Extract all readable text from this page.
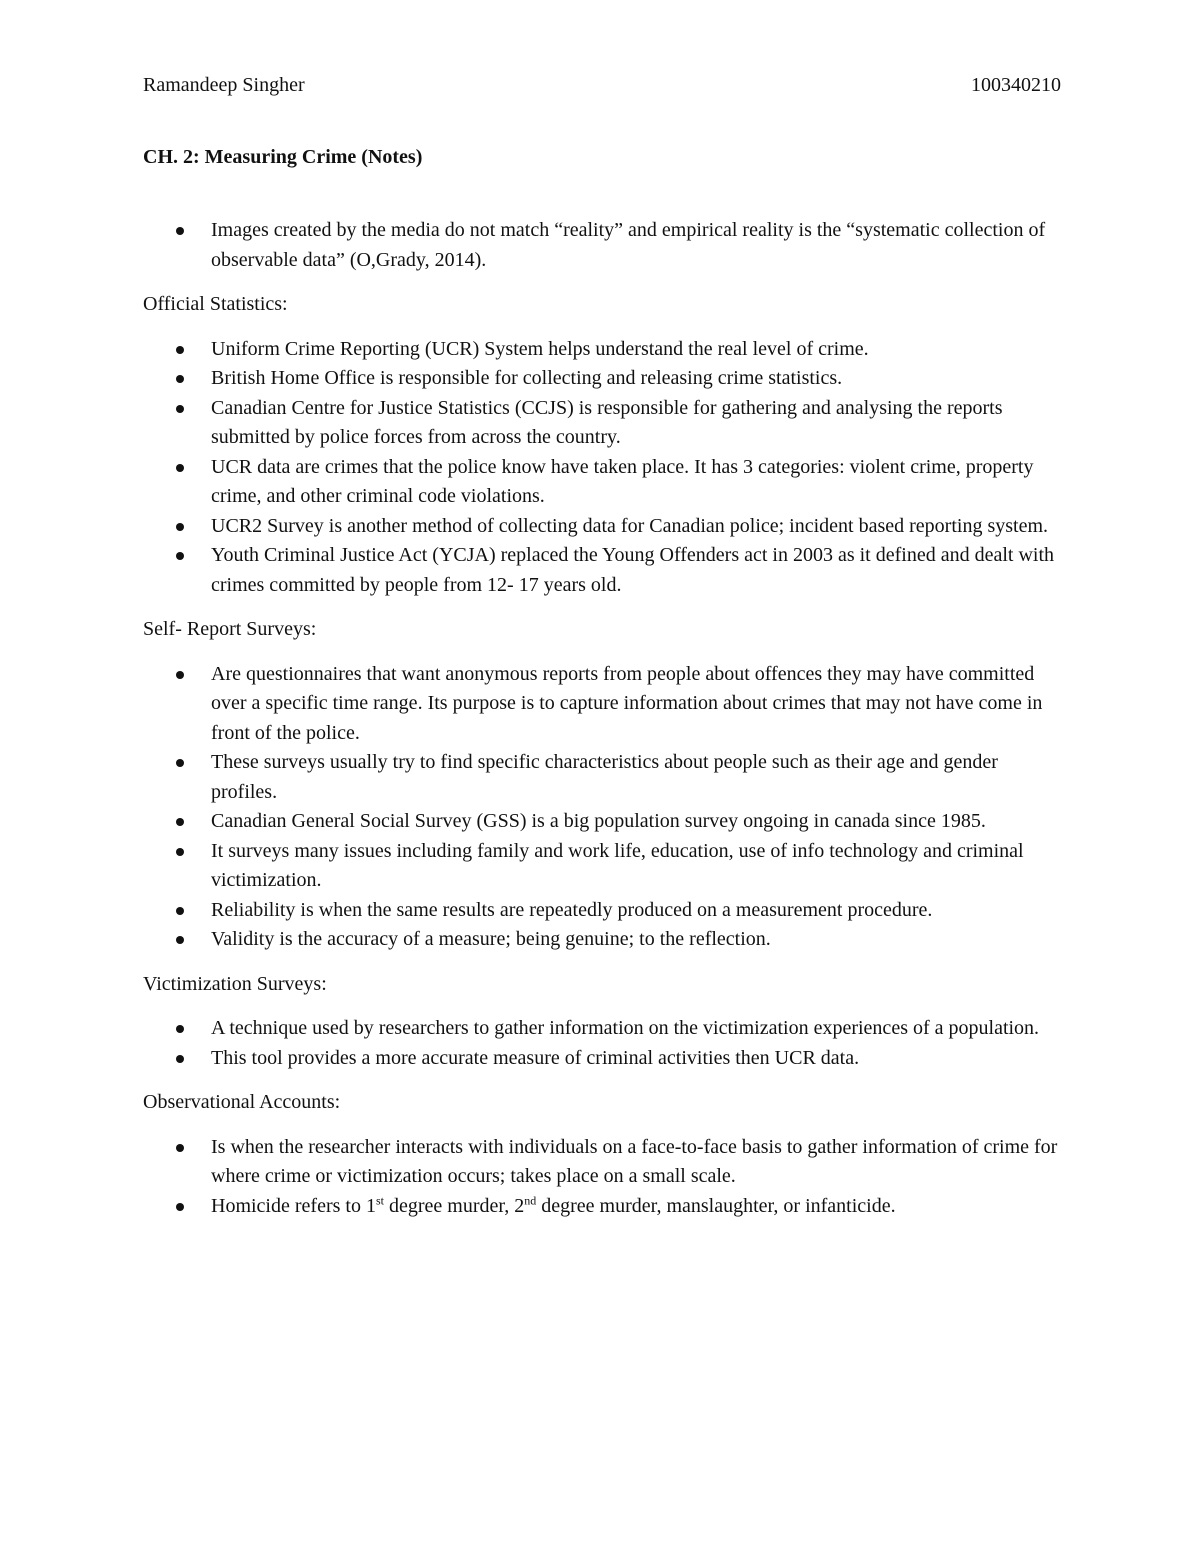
Ramandeep Singher	100340210

CH. 2: Measuring Crime (Notes)

Images created by the media do not match “reality” and empirical reality is the “systematic collection of observable data” (O,Grady, 2014).

Official Statistics:

Uniform Crime Reporting (UCR) System helps understand the real level of crime.
British Home Office is responsible for collecting and releasing crime statistics.
Canadian Centre for Justice Statistics (CCJS) is responsible for gathering and analysing the reports submitted by police forces from across the country.
UCR data are crimes that the police know have taken place. It has 3 categories: violent crime, property crime, and other criminal code violations.
UCR2 Survey is another method of collecting data for Canadian police; incident based reporting system.
Youth Criminal Justice Act (YCJA) replaced the Young Offenders act in 2003 as it defined and dealt with crimes committed by people from 12- 17 years old.

Self- Report Surveys:

Are questionnaires that want anonymous reports from people about offences they may have committed over a specific time range. Its purpose is to capture information about crimes that may not have come in front of the police.
These surveys usually try to find specific characteristics about people such as their age and gender profiles.
Canadian General Social Survey (GSS) is a big population survey ongoing in canada since 1985.
It surveys many issues including family and work life, education, use of info technology and criminal victimization.
Reliability is when the same results are repeatedly produced on a measurement procedure.
Validity is the accuracy of a measure; being genuine; to the reflection.

Victimization Surveys:

A technique used by researchers to gather information on the victimization experiences of a population.
This tool provides a more accurate measure of criminal activities then UCR data.

Observational Accounts:

Is when the researcher interacts with individuals on a face-to-face basis to gather information of crime for where crime or victimization occurs; takes place on a small scale.
Homicide refers to 1st degree murder, 2nd degree murder, manslaughter, or infanticide.
